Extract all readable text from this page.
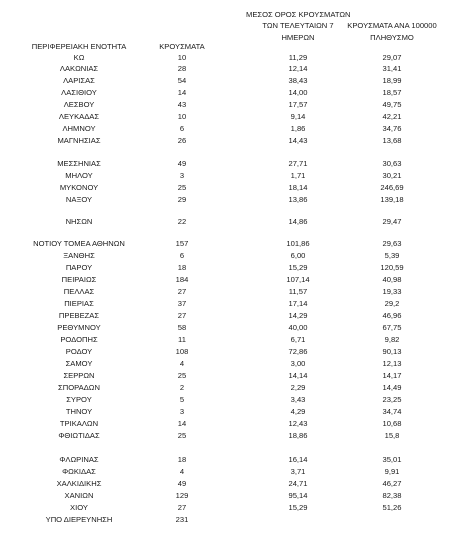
ΜΕΣΟΣ ΟΡΟΣ ΚΡΟΥΣΜΑΤΩΝ
ΤΩΝ ΤΕΛΕΥΤΑΙΩΝ 7
ΗΜΕΡΩΝ
ΚΡΟΥΣΜΑΤΑ ΑΝΑ 100000
ΠΛΗΘΥΣΜΟ
ΠΕΡΙΦΕΡΕΙΑΚΗ ΕΝΟΤΗΤΑ	ΚΡΟΥΣΜΑΤΑ
ΚΩ	10	11,29	29,07
ΛΑΚΩΝΙΑΣ	28	12,14	31,41
ΛΑΡΙΣΑΣ	54	38,43	18,99
ΛΑΣΙΘΙΟΥ	14	14,00	18,57
ΛΕΣΒΟΥ	43	17,57	49,75
ΛΕΥΚΑΔΑΣ	10	9,14	42,21
ΛΗΜΝΟΥ	6	1,86	34,76
ΜΑΓΝΗΣΙΑΣ	26	14,43	13,68
ΜΕΣΣΗΝΙΑΣ	49	27,71	30,63
ΜΗΛΟΥ	3	1,71	30,21
ΜΥΚΟΝΟΥ	25	18,14	246,69
ΝΑΞΟΥ	29	13,86	139,18
ΝΗΣΩΝ	22	14,86	29,47
ΝΟΤΙΟΥ ΤΟΜΕΑ ΑΘΗΝΩΝ	157	101,86	29,63
ΞΑΝΘΗΣ	6	6,00	5,39
ΠΑΡΟΥ	18	15,29	120,59
ΠΕΙΡΑΙΩΣ	184	107,14	40,98
ΠΕΛΛΑΣ	27	11,57	19,33
ΠΙΕΡΙΑΣ	37	17,14	29,2
ΠΡΕΒΕΖΑΣ	27	14,29	46,96
ΡΕΘΥΜΝΟΥ	58	40,00	67,75
ΡΟΔΟΠΗΣ	11	6,71	9,82
ΡΟΔΟΥ	108	72,86	90,13
ΣΑΜΟΥ	4	3,00	12,13
ΣΕΡΡΩΝ	25	14,14	14,17
ΣΠΟΡΑΔΩΝ	2	2,29	14,49
ΣΥΡΟΥ	5	3,43	23,25
ΤΗΝΟΥ	3	4,29	34,74
ΤΡΙΚΑΛΩΝ	14	12,43	10,68
ΦΘΙΩΤΙΔΑΣ	25	18,86	15,8
ΦΛΩΡΙΝΑΣ	18	16,14	35,01
ΦΩΚΙΔΑΣ	4	3,71	9,91
ΧΑΛΚΙΔΙΚΗΣ	49	24,71	46,27
ΧΑΝΙΩΝ	129	95,14	82,38
ΧΙΟΥ	27	15,29	51,26
ΥΠΟ ΔΙΕΡΕΥΝΗΣΗ	231
